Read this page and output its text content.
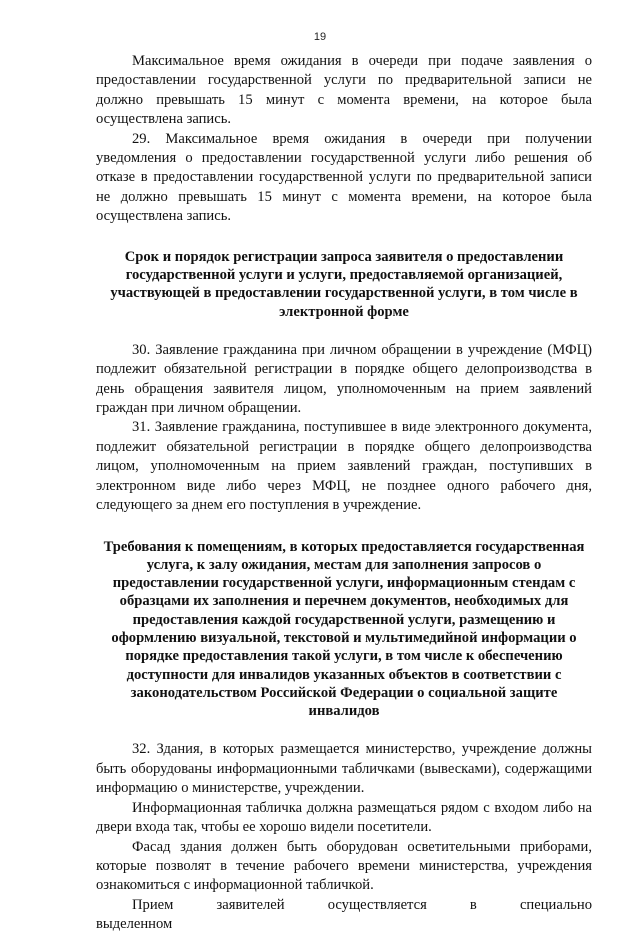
19

Максимальное время ожидания в очереди при подаче заявления о предоставлении государственной услуги по предварительной записи не должно превышать 15 минут с момента времени, на которое была осуществлена запись.

29. Максимальное время ожидания в очереди при получении уведомления о предоставлении государственной услуги либо решения об отказе в предоставлении государственной услуги по предварительной записи не должно превышать 15 минут с момента времени, на которое была осуществлена запись.

Срок и порядок регистрации запроса заявителя о предоставлении государственной услуги и услуги, предоставляемой организацией, участвующей в предоставлении государственной услуги, в том числе в электронной форме

30. Заявление гражданина при личном обращении в учреждение (МФЦ) подлежит обязательной регистрации в порядке общего делопроизводства в день обращения заявителя лицом, уполномоченным на прием заявлений граждан при личном обращении.

31. Заявление гражданина, поступившее в виде электронного документа, подлежит обязательной регистрации в порядке общего делопроизводства лицом, уполномоченным на прием заявлений граждан, поступивших в электронном виде либо через МФЦ, не позднее одного рабочего дня, следующего за днем его поступления в учреждение.

Требования к помещениям, в которых предоставляется государственная услуга, к залу ожидания, местам для заполнения запросов о предоставлении государственной услуги, информационным стендам с образцами их заполнения и перечнем документов, необходимых для предоставления каждой государственной услуги, размещению и оформлению визуальной, текстовой и мультимедийной информации о порядке предоставления такой услуги, в том числе к обеспечению доступности для инвалидов указанных объектов в соответствии с законодательством Российской Федерации о социальной защите инвалидов

32. Здания, в которых размещается министерство, учреждение должны быть оборудованы информационными табличками (вывесками), содержащими информацию о министерстве, учреждении.

Информационная табличка должна размещаться рядом с входом либо на двери входа так, чтобы ее хорошо видели посетители.

Фасад здания должен быть оборудован осветительными приборами, которые позволят в течение рабочего времени министерства, учреждения ознакомиться с информационной табличкой.

Прием заявителей осуществляется в специально выделенном
